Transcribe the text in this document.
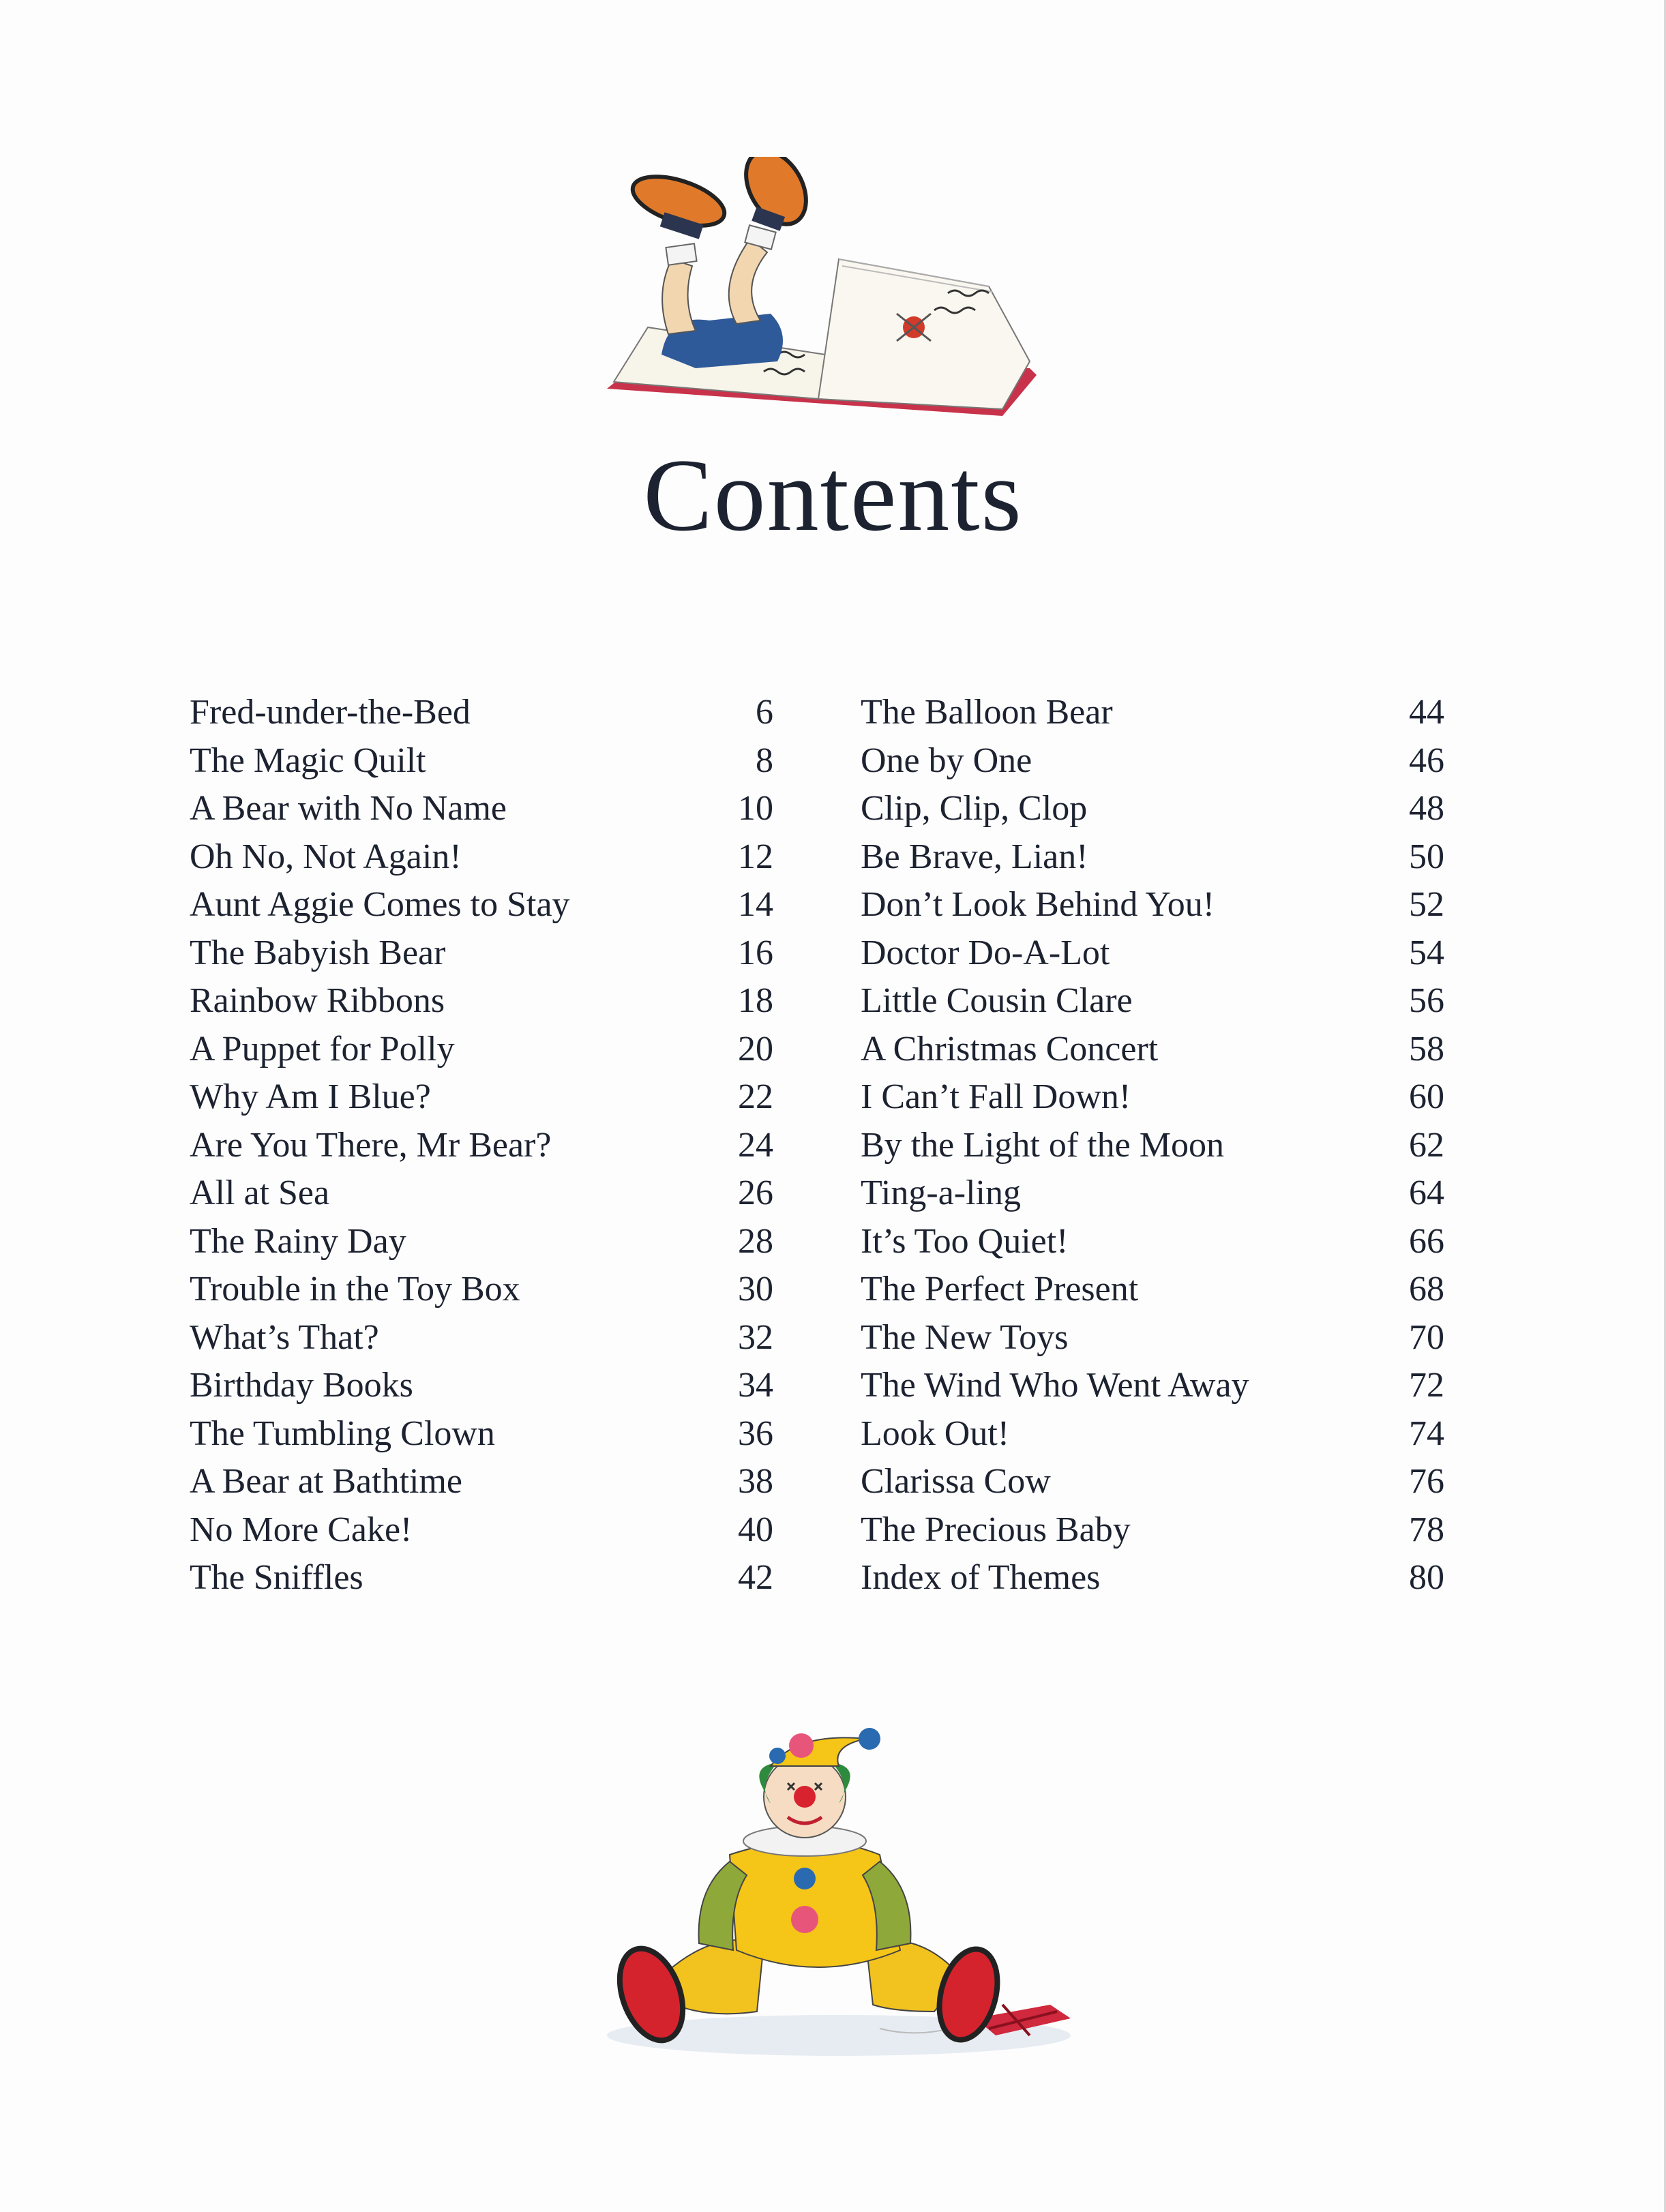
Contents
Fred-under-the-Bed	6
The Magic Quilt	8
A Bear with No Name	10
Oh No, Not Again!	12
Aunt Aggie Comes to Stay	14
The Babyish Bear	16
Rainbow Ribbons	18
A Puppet for Polly	20
Why Am I Blue?	22
Are You There, Mr Bear?	24
All at Sea	26
The Rainy Day	28
Trouble in the Toy Box	30
What’s That?	32
Birthday Books	34
The Tumbling Clown	36
A Bear at Bathtime	38
No More Cake!	40
The Sniffles	42
The Balloon Bear	44
One by One	46
Clip, Clip, Clop	48
Be Brave, Lian!	50
Don’t Look Behind You!	52
Doctor Do-A-Lot	54
Little Cousin Clare	56
A Christmas Concert	58
I Can’t Fall Down!	60
By the Light of the Moon	62
Ting-a-ling	64
It’s Too Quiet!	66
The Perfect Present	68
The New Toys	70
The Wind Who Went Away	72
Look Out!	74
Clarissa Cow	76
The Precious Baby	78
Index of Themes	80
